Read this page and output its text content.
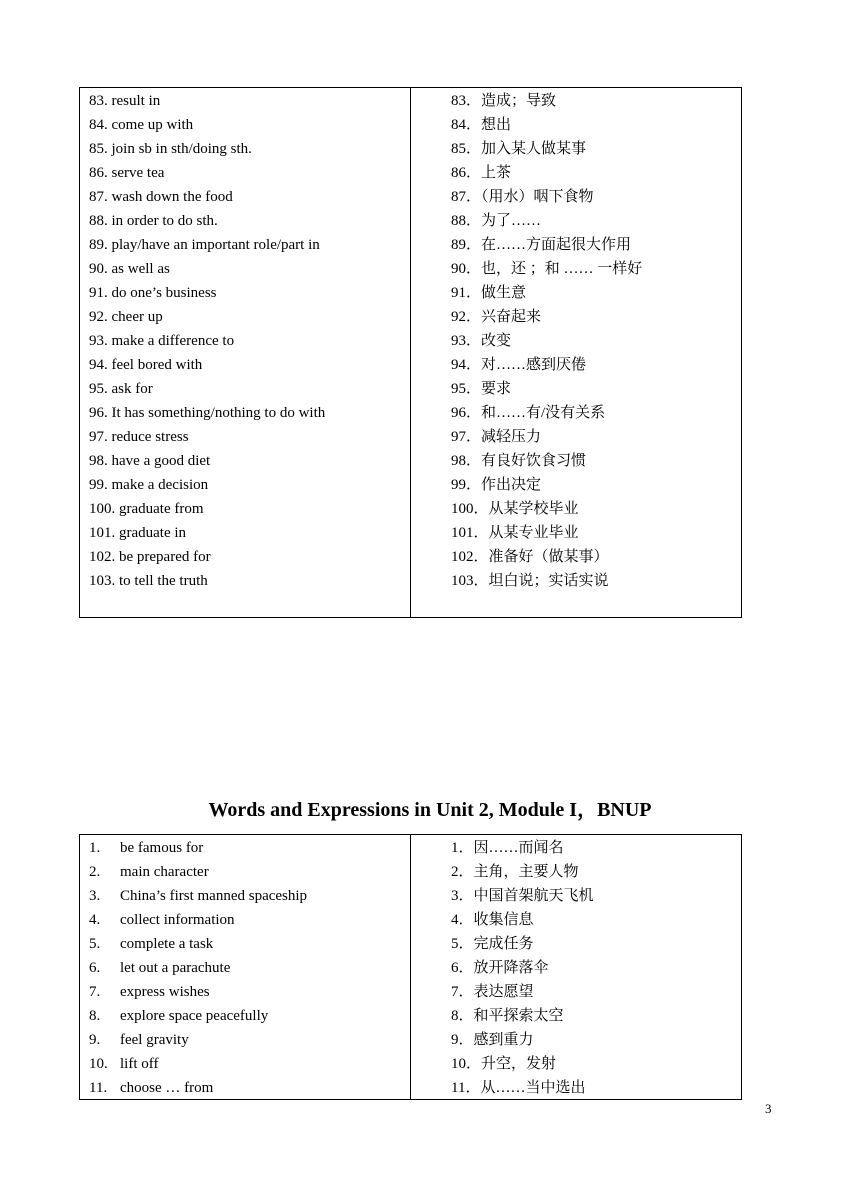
83. result in
84. come up with
85. join sb in sth/doing sth.
86. serve tea
87. wash down the food
88. in order to do sth.
89. play/have an important role/part in
90. as well as
91. do one’s business
92. cheer up
93. make a difference to
94. feel bored with
95. ask for
96. It has something/nothing to do with
97. reduce stress
98. have a good diet
99. make a decision
100. graduate from
101. graduate in
102. be prepared for
103. to tell the truth
83．造成；导致
84．想出
85．加入某人做某事
86．上茶
87．（用水）咽下食物
88．为了……
89．在……方面起很大作用
90．也，还 ；和 …… 一样好
91．做生意
92．兴奋起来
93．改变
94．对……感到厌倦
95．要求
96．和……有/没有关系
97．减轻压力
98．有良好饮食习惯
99．作出决定
100．从某学校毕业
101．从某专业毕业
102．准备好（做某事）
103．坦白说；实话实说
Words and Expressions in Unit 2, Module I，BNUP
1. be famous for
2. main character
3. China’s first manned spaceship
4. collect information
5. complete a task
6. let out a parachute
7. express wishes
8. explore space peacefully
9. feel gravity
10. lift off
11. choose … from
1．因……而闻名
2．主角，主要人物
3．中国首架航天飞机
4．收集信息
5．完成任务
6．放开降落伞
7．表达愿望
8．和平探索太空
9．感到重力
10．升空，发射
11．从……当中选出
3
